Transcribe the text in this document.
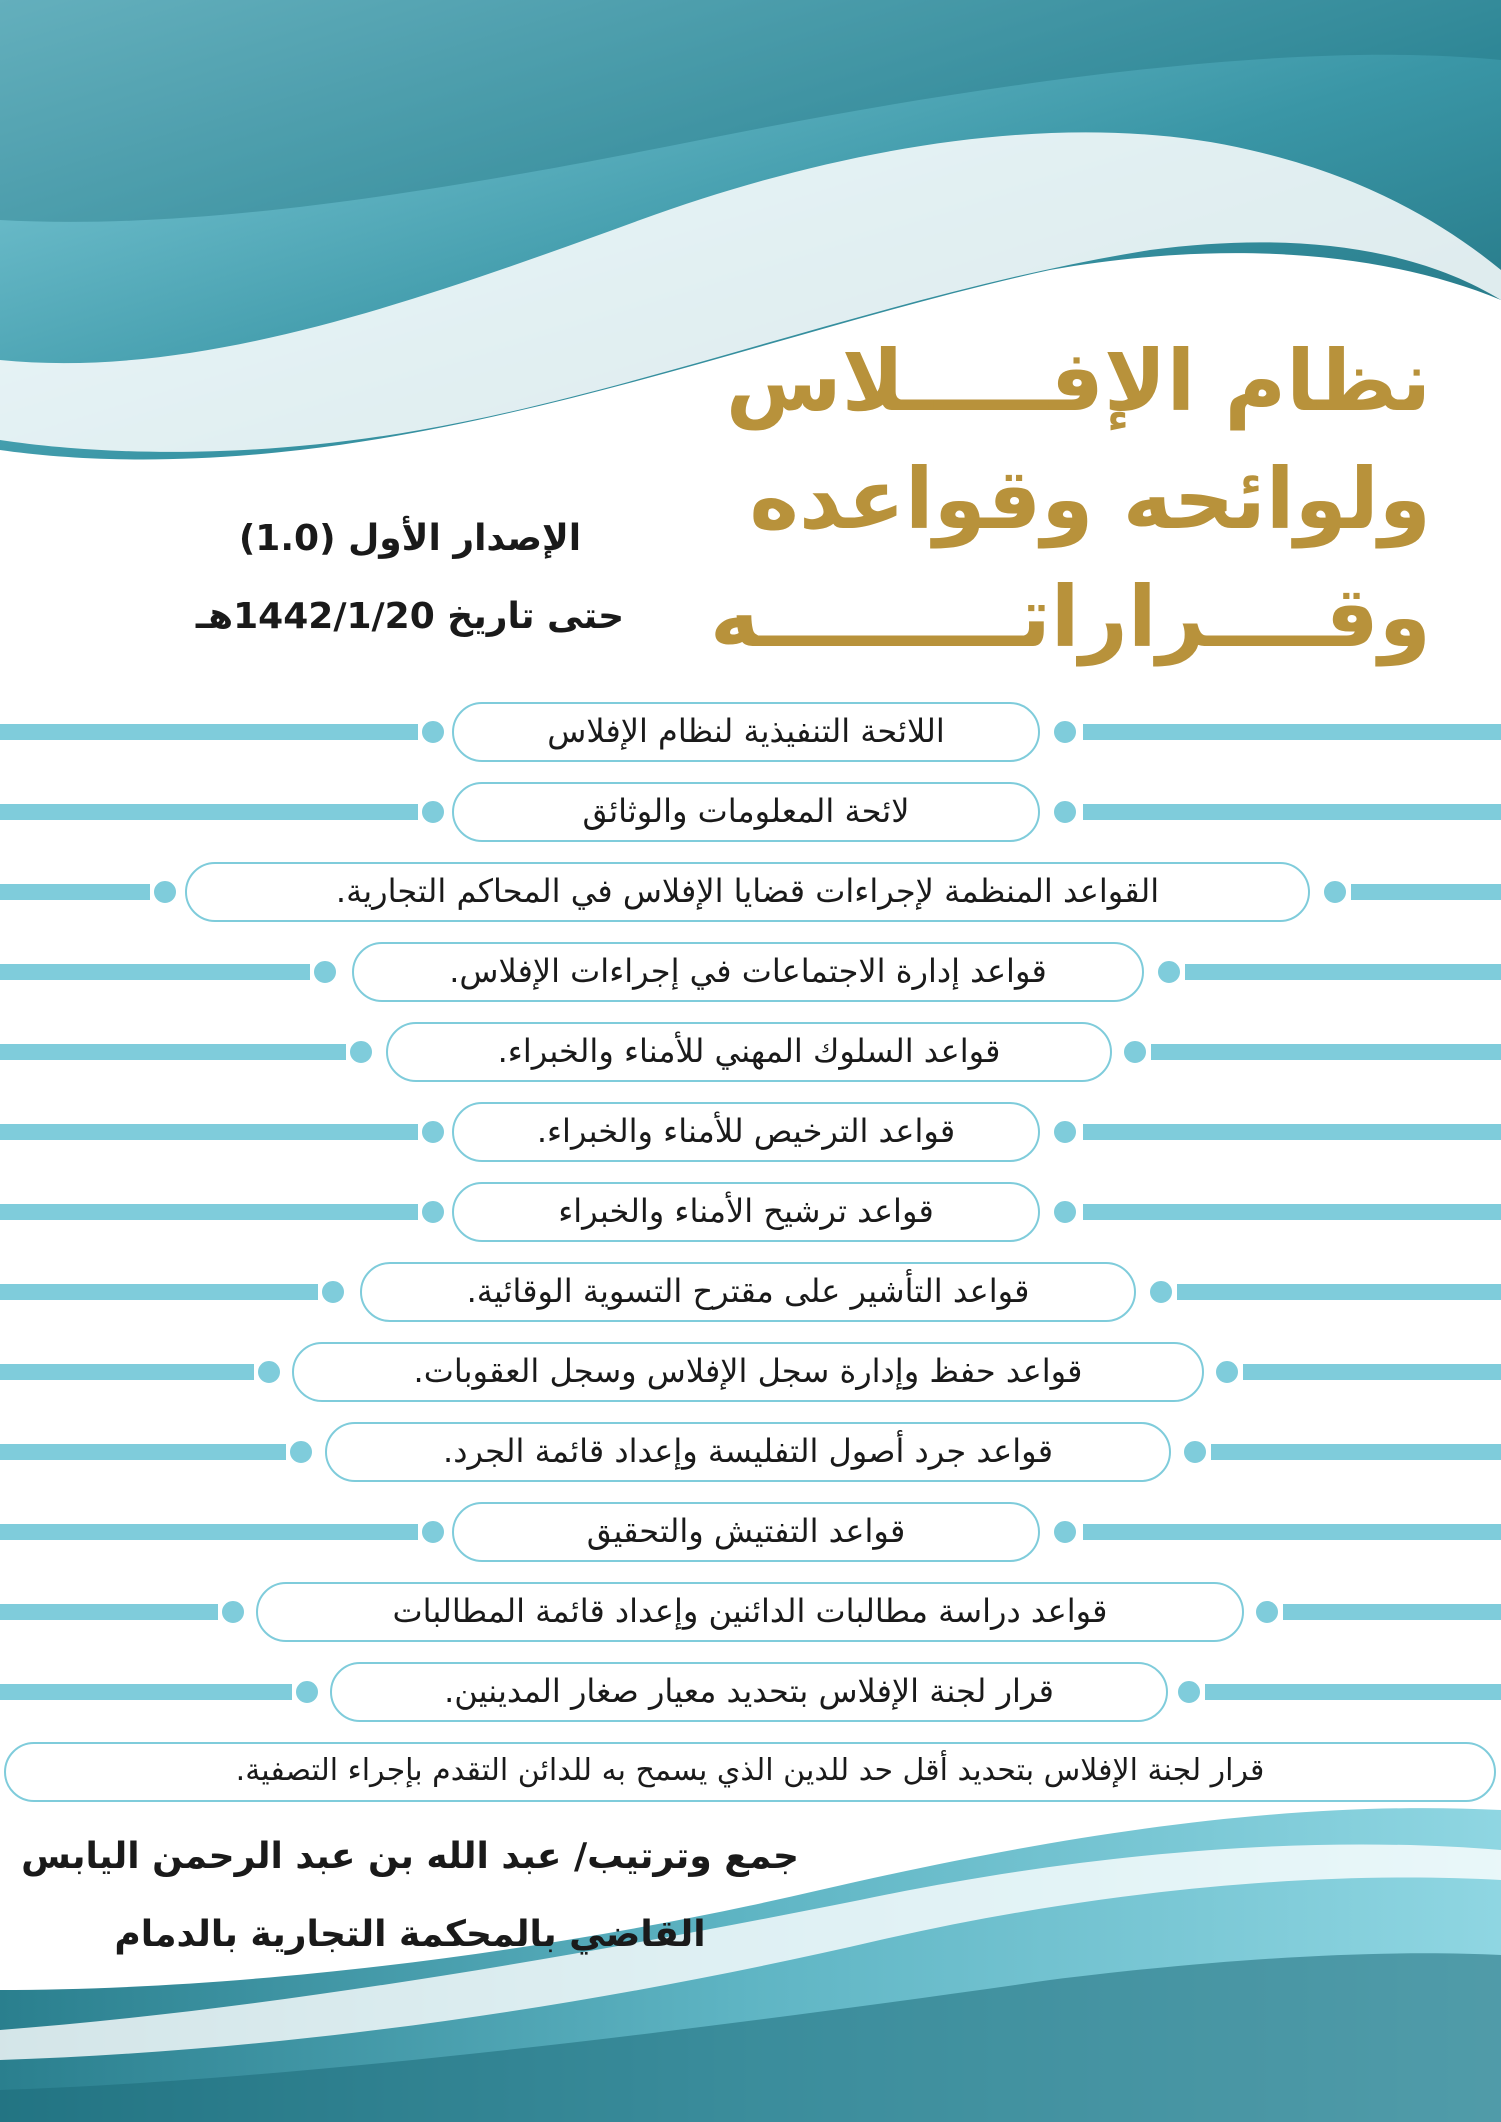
نظام الإفـــــلاس
ولوائحه وقواعده
وقــــراراتـــــــــه
الإصدار الأول (1.0)
حتى تاريخ 1442/1/20هـ
اللائحة التنفيذية لنظام الإفلاس
لائحة المعلومات والوثائق
القواعد المنظمة لإجراءات قضايا الإفلاس في المحاكم التجارية.
قواعد إدارة الاجتماعات في إجراءات الإفلاس.
قواعد السلوك المهني للأمناء والخبراء.
قواعد الترخيص للأمناء والخبراء.
قواعد ترشيح الأمناء والخبراء
قواعد التأشير على مقترح التسوية الوقائية.
قواعد حفظ وإدارة سجل الإفلاس وسجل العقوبات.
قواعد جرد أصول التفليسة وإعداد قائمة الجرد.
قواعد التفتيش والتحقيق
قواعد دراسة مطالبات الدائنين وإعداد قائمة المطالبات
قرار لجنة الإفلاس بتحديد معيار صغار المدينين.
قرار لجنة الإفلاس بتحديد أقل حد للدين الذي يسمح به للدائن التقدم بإجراء التصفية.
جمع وترتيب/ عبد الله بن عبد الرحمن اليابس
القاضي بالمحكمة التجارية بالدمام
